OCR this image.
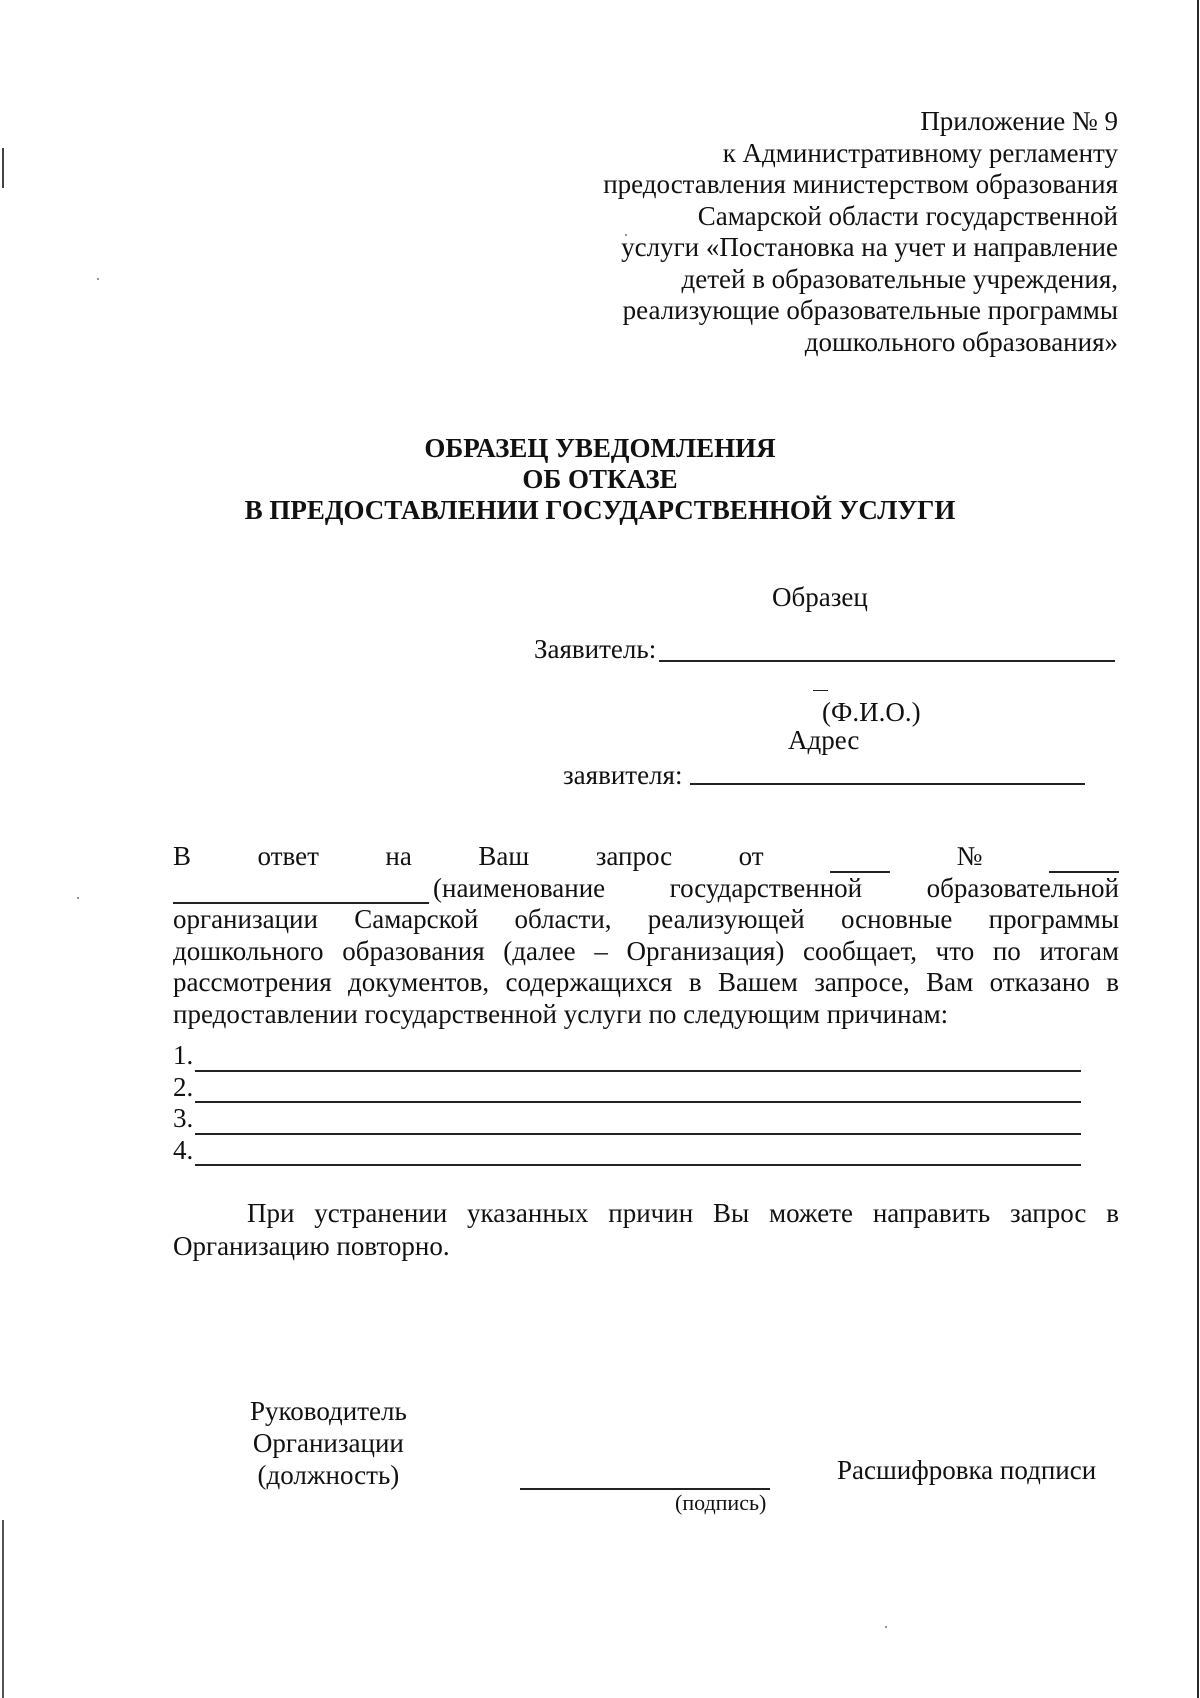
Приложение № 9
к Административному регламенту
предоставления министерством образования
Самарской области государственной
услуги «Постановка на учет и направление
детей в образовательные учреждения,
реализующие образовательные программы
дошкольного образования»
ОБРАЗЕЦ УВЕДОМЛЕНИЯ
ОБ ОТКАЗЕ
В ПРЕДОСТАВЛЕНИИ ГОСУДАРСТВЕННОЙ УСЛУГИ
Образец
Заявитель:
(Ф.И.О.)
Адрес
заявителя:
В ответ на Ваш запрос от	№
(наименование государственной образовательной
организации Самарской области, реализующей основные программы
дошкольного образования (далее – Организация) сообщает, что по итогам
рассмотрения документов, содержащихся в Вашем запросе, Вам отказано в
предоставлении государственной услуги по следующим причинам:
1.
2.
3.
4.
При устранении указанных причин Вы можете направить запрос в
Организацию повторно.
Руководитель
Организации
(должность)
(подпись)
Расшифровка подписи
